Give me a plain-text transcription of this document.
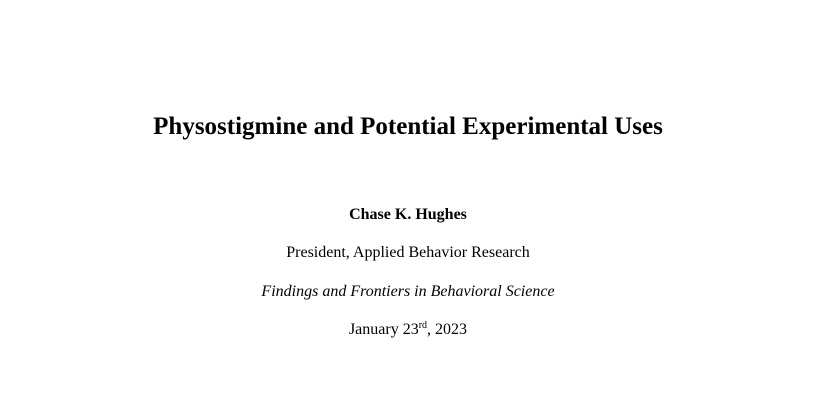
Physostigmine and Potential Experimental Uses
Chase K. Hughes
President, Applied Behavior Research
Findings and Frontiers in Behavioral Science
January 23rd, 2023
